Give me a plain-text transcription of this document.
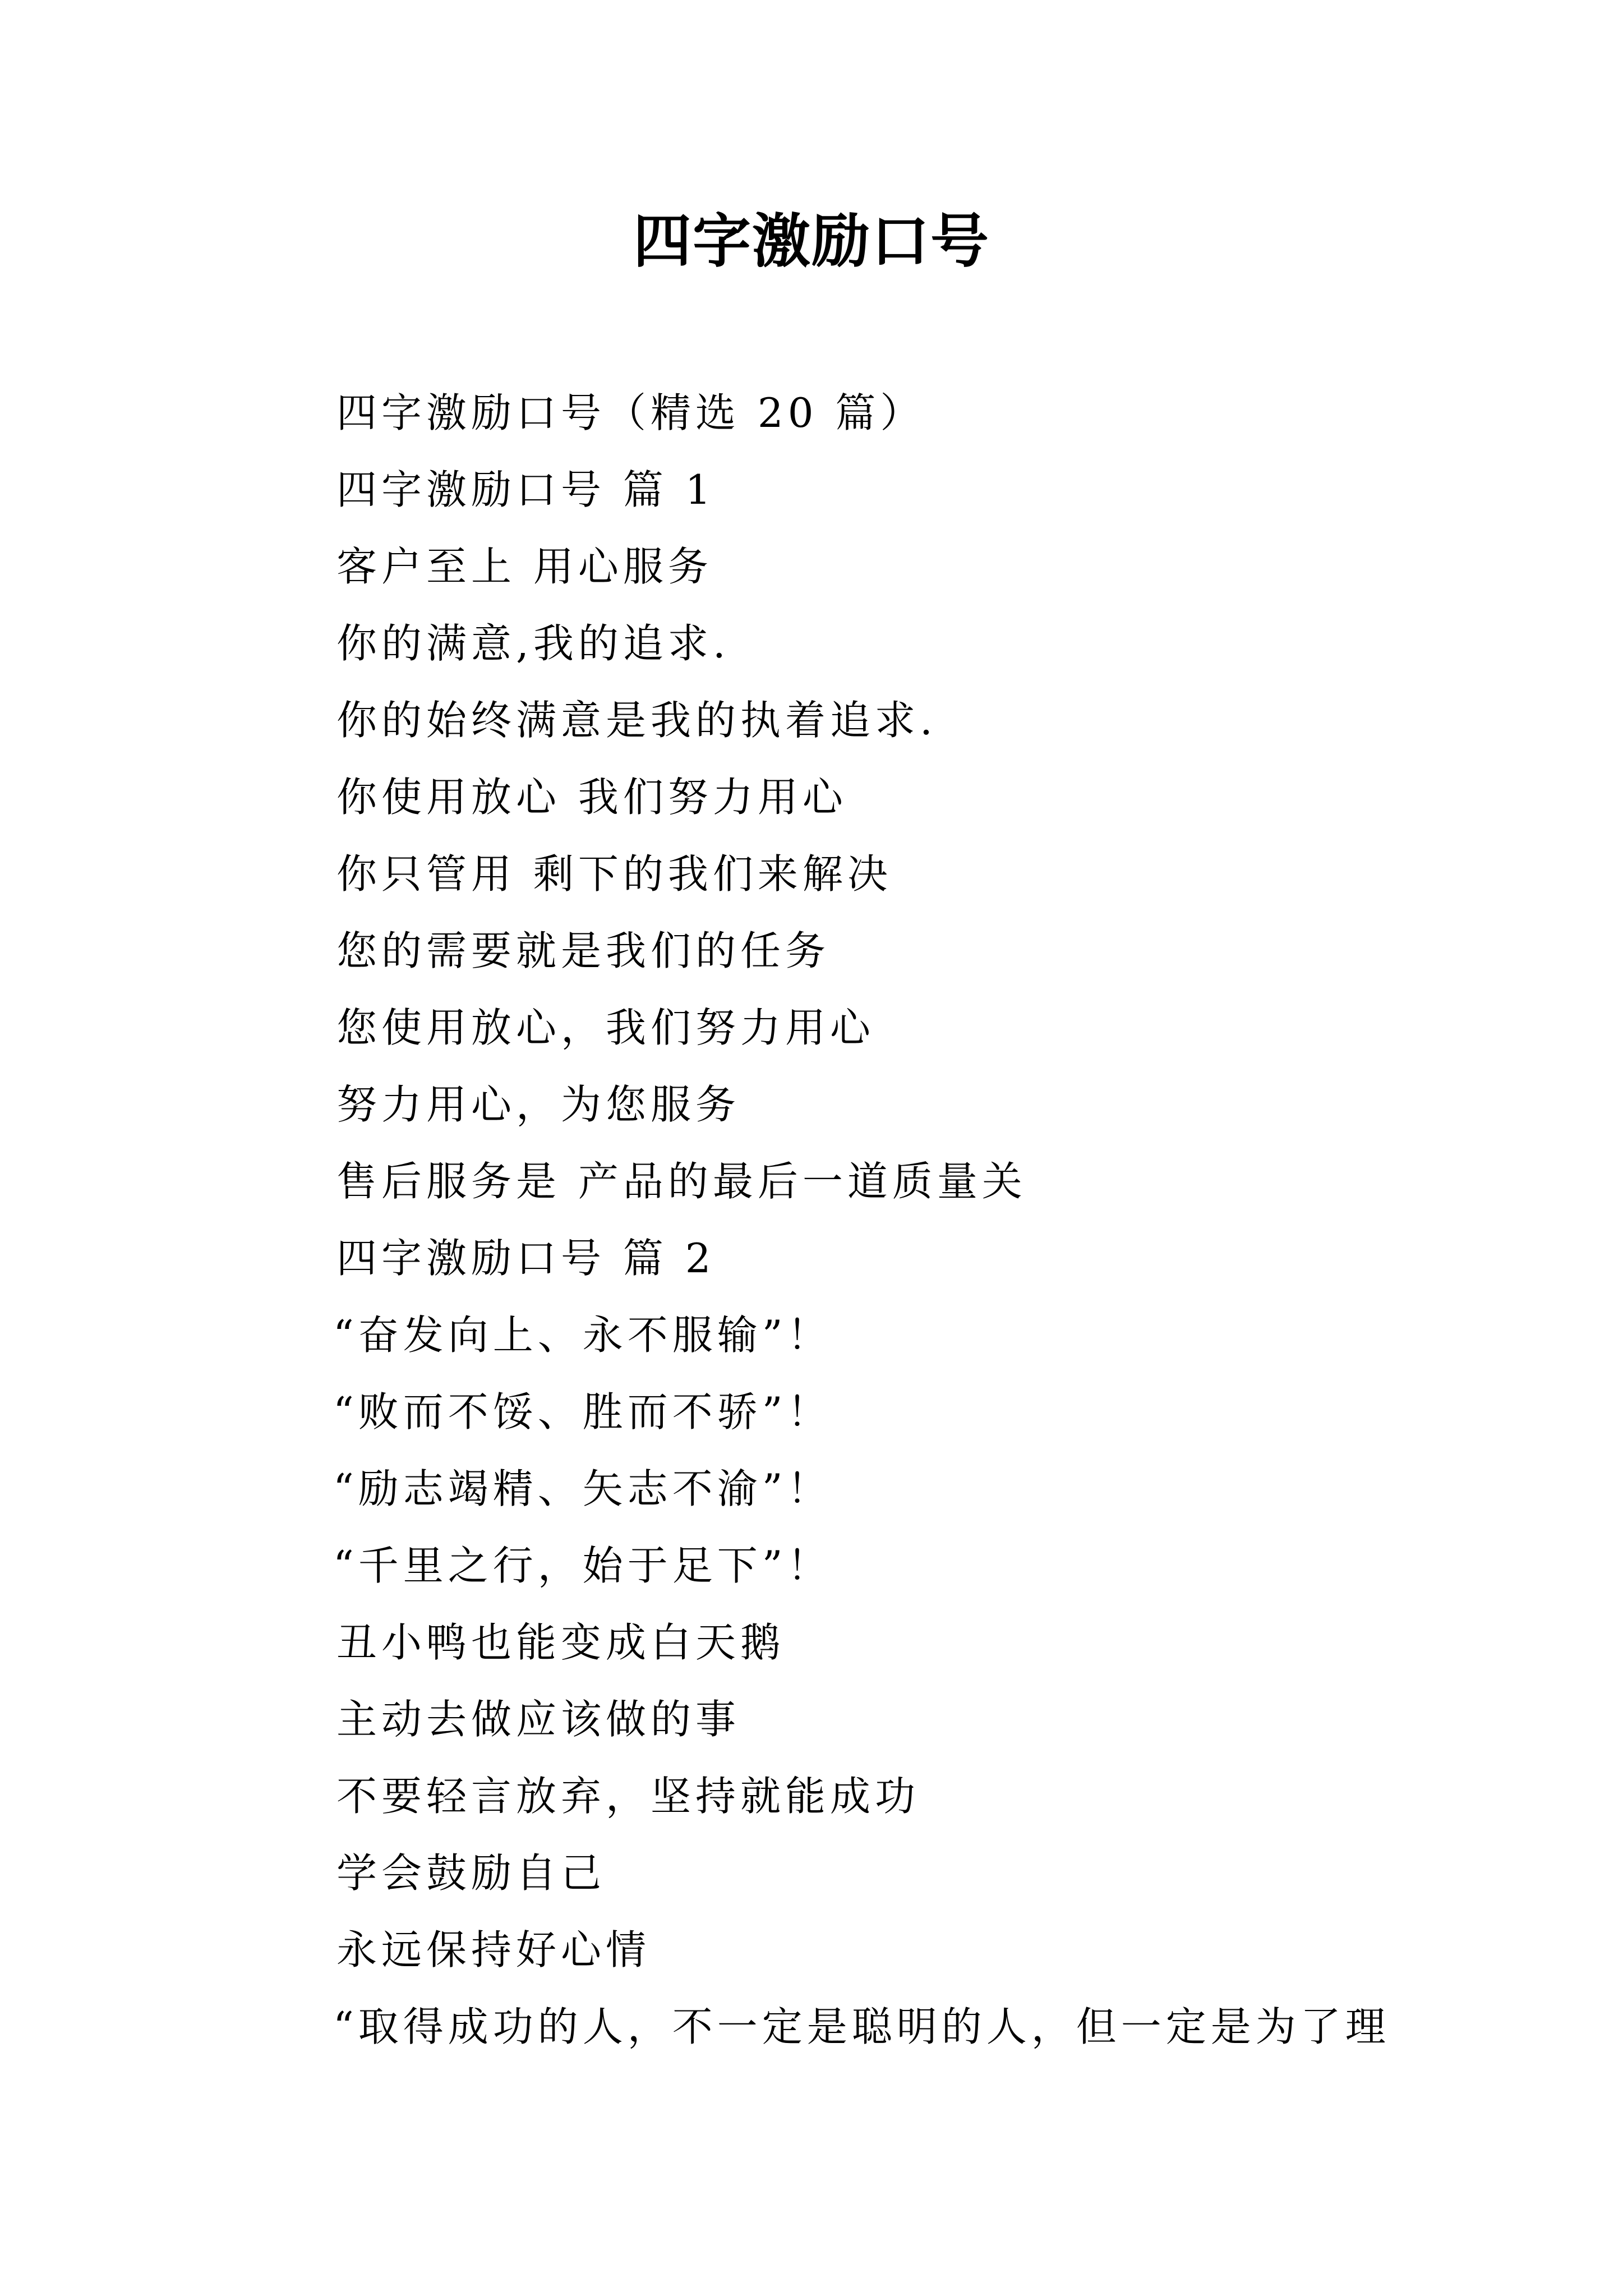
四字激励口号
四字激励口号（精选 20 篇）
四字激励口号 篇 1
客户至上 用心服务
你的满意,我的追求.
你的始终满意是我的执着追求.
你使用放心 我们努力用心
你只管用 剩下的我们来解决
您的需要就是我们的任务
您使用放心，我们努力用心
努力用心，为您服务
售后服务是 产品的最后一道质量关
四字激励口号 篇 2
“奋发向上、永不服输”！
“败而不馁、胜而不骄”！
“励志竭精、矢志不渝”！
“千里之行，始于足下”！
丑小鸭也能变成白天鹅
主动去做应该做的事
不要轻言放弃，坚持就能成功
学会鼓励自己
永远保持好心情
“取得成功的人，不一定是聪明的人，但一定是为了理
